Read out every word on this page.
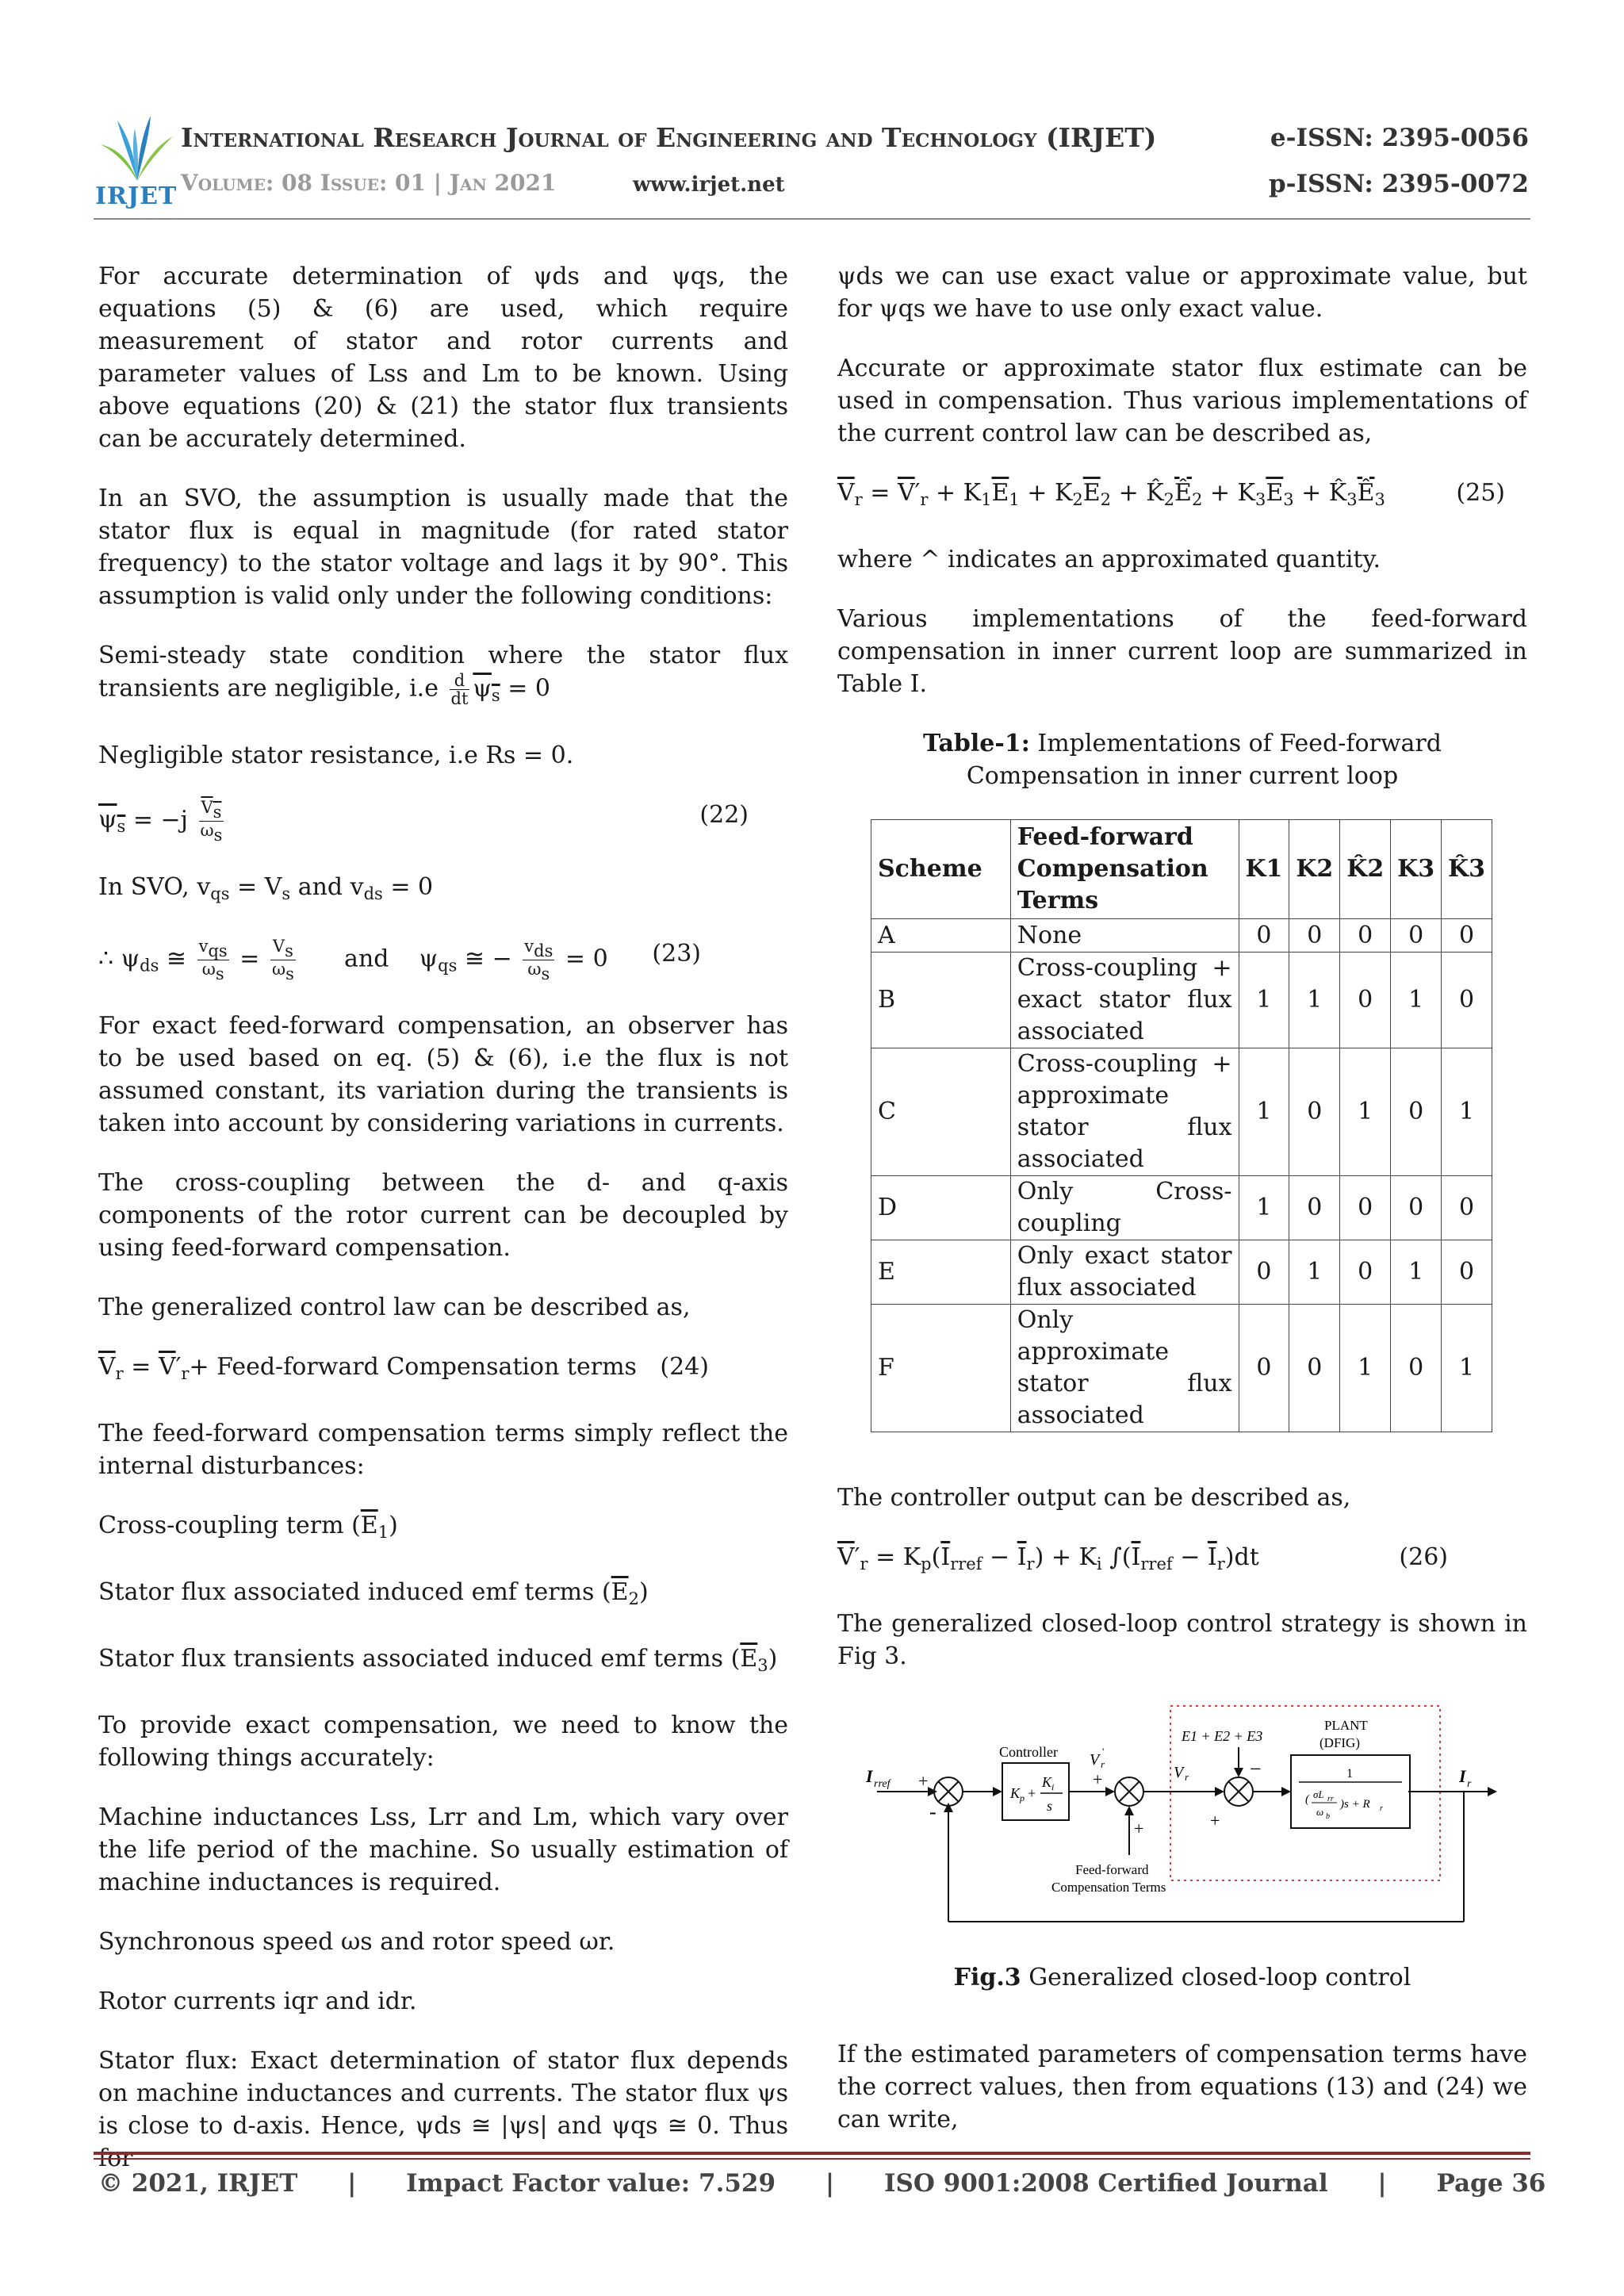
IRJET
International Research Journal of Engineering and Technology (IRJET)
Volume: 08 Issue: 01 | Jan 2021	www.irjet.net
e-ISSN: 2395-0056
p-ISSN: 2395-0072

For accurate determination of ψds and ψqs, the equations (5) & (6) are used, which require measurement of stator and rotor currents and parameter values of Lss and Lm to be known. Using above equations (20) & (21) the stator flux transients can be accurately determined.

In an SVO, the assumption is usually made that the stator flux is equal in magnitude (for rated stator frequency) to the stator voltage and lags it by 90°. This assumption is valid only under the following conditions:

Semi-steady state condition where the stator flux transients are negligible, $i.e \frac{d}{dt} \psi_s = 0$

Negligible stator resistance, i.e Rs = 0.

$\psi_s = -j \frac{Vs}{\omega s}$	(22)
In SVO, $v_{qs} = V_s$ and $v_{ds} = 0$
∴ $\psi_{ds}$ ≅ $\frac{\text{vqs}}{\omega s} = \frac{Vs}{\omega s}$ and    $\psi_{qs}$ ≅ − $\frac{\text{vds}}{\omega s} = 0$ (23)

For exact feed-forward compensation, an observer has to be used based on eq. (5) & (6), i.e the flux is not assumed constant, its variation during the transients is taken into account by considering variations in currents.

The cross-coupling between the d- and q-axis components of the rotor current can be decoupled by using feed-forward compensation.

The generalized control law can be described as,

$\overline{V}_r = \overline{V}'_r+$ Feed-forward Compensation terms (24)

The feed-forward compensation terms simply reflect the internal disturbances:

Cross-coupling term $(\overline{E}_1)$

Stator flux associated induced emf terms $(\overline{E}_2)$

Stator flux transients associated induced emf terms $(\overline{E}_3)$

To provide exact compensation, we need to know the following things accurately:

Machine inductances Lss, Lrr and Lm, which vary over the life period of the machine. So usually estimation of machine inductances is required.

Synchronous speed ωs and rotor speed ωr.

Rotor currents iqr and idr.

Stator flux: Exact determination of stator flux depends on machine inductances and currents. The stator flux ψs is close to d-axis. Hence, ψds ≅ |ψs| and ψqs ≅ 0. Thus

ψds we can use exact value or approximate value, but for ψqs we have to use only exact value.

Accurate or approximate stator flux estimate can be used in compensation. Thus various implementations of the current control law can be described as,

$\overline{V}_r = \overline{V}'_r + K_1\overline{E}_1 + K_2\overline{E}_2$ + $K̂_2\overline{Ê}_2 + K_3\overline{E}_3$ + $K̂_3\overline{Ê}_3$	(25)

where ^ indicates an approximated quantity.

Various implementations of the feed-forward compensation in inner current loop are summarized in Table I.

Table-1: Implementations of Feed-forward Compensation in inner current loop
Scheme	Feed-forward Compensation Terms	K1	K2	K̂2	K3	K̂3
A	None	0	0	0	0	0
B	Cross-coupling + exact stator flux associated	1	1	0	1	0
C	Cross-coupling + approximate stator flux associated	1	0	1	0	1
D	Only Cross-coupling	1	0	0	0	0
E	Only exact stator flux associated	0	1	0	1	0
F	Only approximate stator flux associated	0	0	1	0	1

The controller output can be described as,

$\overline{V}'_r = K_p(\overline{I}_{rref} - \overline{I}_r) + K_i$ $\int(\overline{I}_{rref} - \overline{I}_r)dt$	(26)

The generalized closed-loop control strategy is shown in Fig 3.

K p +
K i
s
Controller
+
V r
'
+
Feed-forward
Compensation Terms
V r
E1 + E2 + E3
−
+
1
( σL rr
ω b
)s + R r
PLANT
(DFIG)
I rref +
-
I r
Fig.3 Generalized closed-loop control

If the estimated parameters of compensation terms have the correct values, then from equations (13) and (24) we can write,

© 2021, IRJET | Impact Factor value: 7.529 | ISO 9001:2008 Certified Journal | Page 36
